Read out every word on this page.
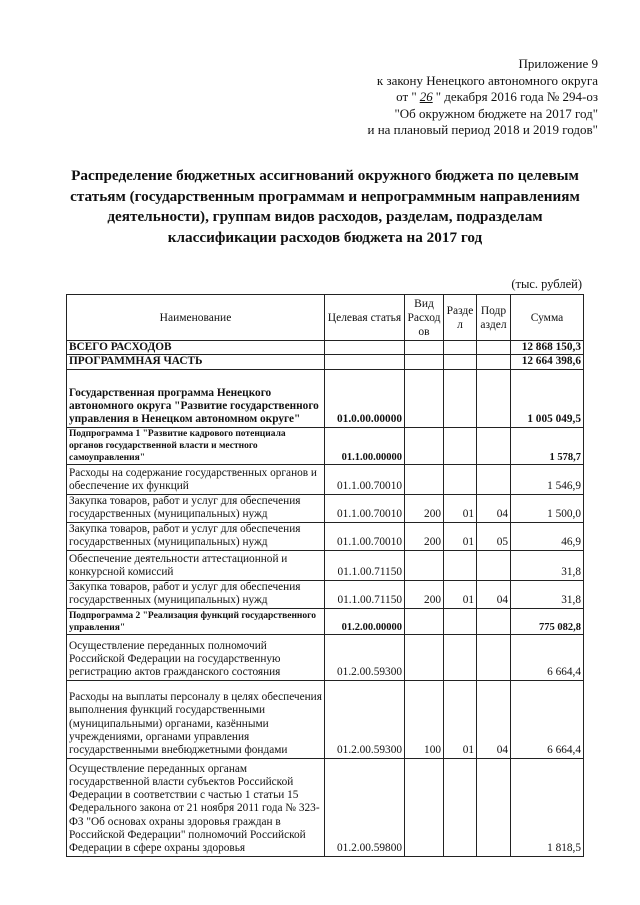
Приложение 9
к закону Ненецкого автономного округа
от " 26 " декабря 2016 года № 294-оз
"Об окружном бюджете на 2017 год"
и на плановый период 2018 и 2019 годов"
Распределение бюджетных ассигнований окружного бюджета по целевым статьям (государственным программам и непрограммным направлениям деятельности), группам видов расходов, разделам, подразделам классификации расходов бюджета на 2017 год
(тыс. рублей)
Наименование	Целевая статья	Вид Расход ов	Разде л	Подр аздел	Сумма
ВСЕГО РАСХОДОВ					12 868 150,3
ПРОГРАММНАЯ ЧАСТЬ					12 664 398,6
Государственная программа Ненецкого автономного округа "Развитие государственного управления в Ненецком автономном округе"	01.0.00.00000				1 005 049,5
Подпрограмма 1 "Развитие кадрового потенциала органов государственной власти и местного самоуправления"	01.1.00.00000				1 578,7
Расходы на содержание государственных органов и обеспечение их функций	01.1.00.70010				1 546,9
Закупка товаров, работ и услуг для обеспечения государственных (муниципальных) нужд	01.1.00.70010	200	01	04	1 500,0
Закупка товаров, работ и услуг для обеспечения государственных (муниципальных) нужд	01.1.00.70010	200	01	05	46,9
Обеспечение деятельности аттестационной и конкурсной комиссий	01.1.00.71150				31,8
Закупка товаров, работ и услуг для обеспечения государственных (муниципальных) нужд	01.1.00.71150	200	01	04	31,8
Подпрограмма 2 "Реализация функций государственного управления"	01.2.00.00000				775 082,8
Осуществление переданных полномочий Российской Федерации на государственную регистрацию актов гражданского состояния	01.2.00.59300				6 664,4
Расходы на выплаты персоналу в целях обеспечения выполнения функций государственными (муниципальными) органами, казёнными учреждениями, органами управления государственными внебюджетными фондами	01.2.00.59300	100	01	04	6 664,4
Осуществление переданных органам государственной власти субъектов Российской Федерации в соответствии с частью 1 статьи 15 Федерального закона от 21 ноября 2011 года № 323-ФЗ "Об основах охраны здоровья граждан в Российской Федерации" полномочий Российской Федерации в сфере охраны здоровья	01.2.00.59800				1 818,5
